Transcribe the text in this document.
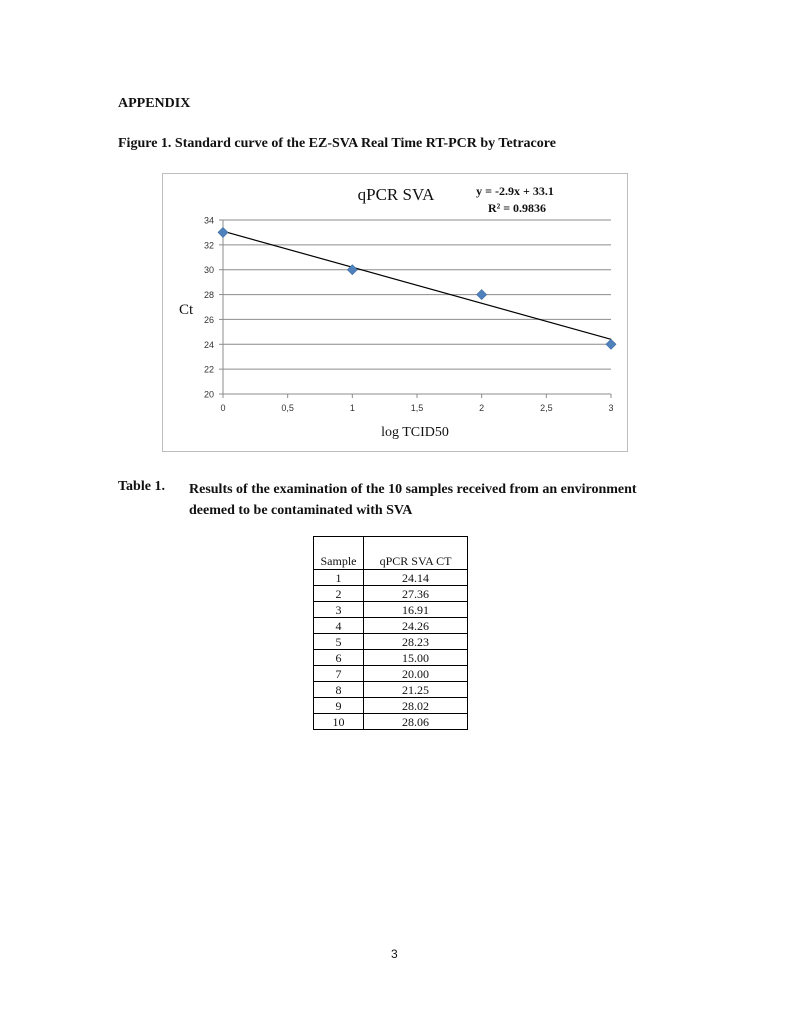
APPENDIX
Figure 1. Standard curve of the EZ-SVA Real Time RT-PCR by Tetracore
20
22
24
26
28
30
32
34
0	0,5	1	1,5	2	2,5	3
qPCR SVA	y = -2.9x + 33.1
R² = 0.9836
Ct
log TCID50
Table 1. Results of the examination of the 10 samples received from an environment deemed to be contaminated with SVA
Sample	qPCR SVA CT
1	24.14
2	27.36
3	16.91
4	24.26
5	28.23
6	15.00
7	20.00
8	21.25
9	28.02
10	28.06
3
